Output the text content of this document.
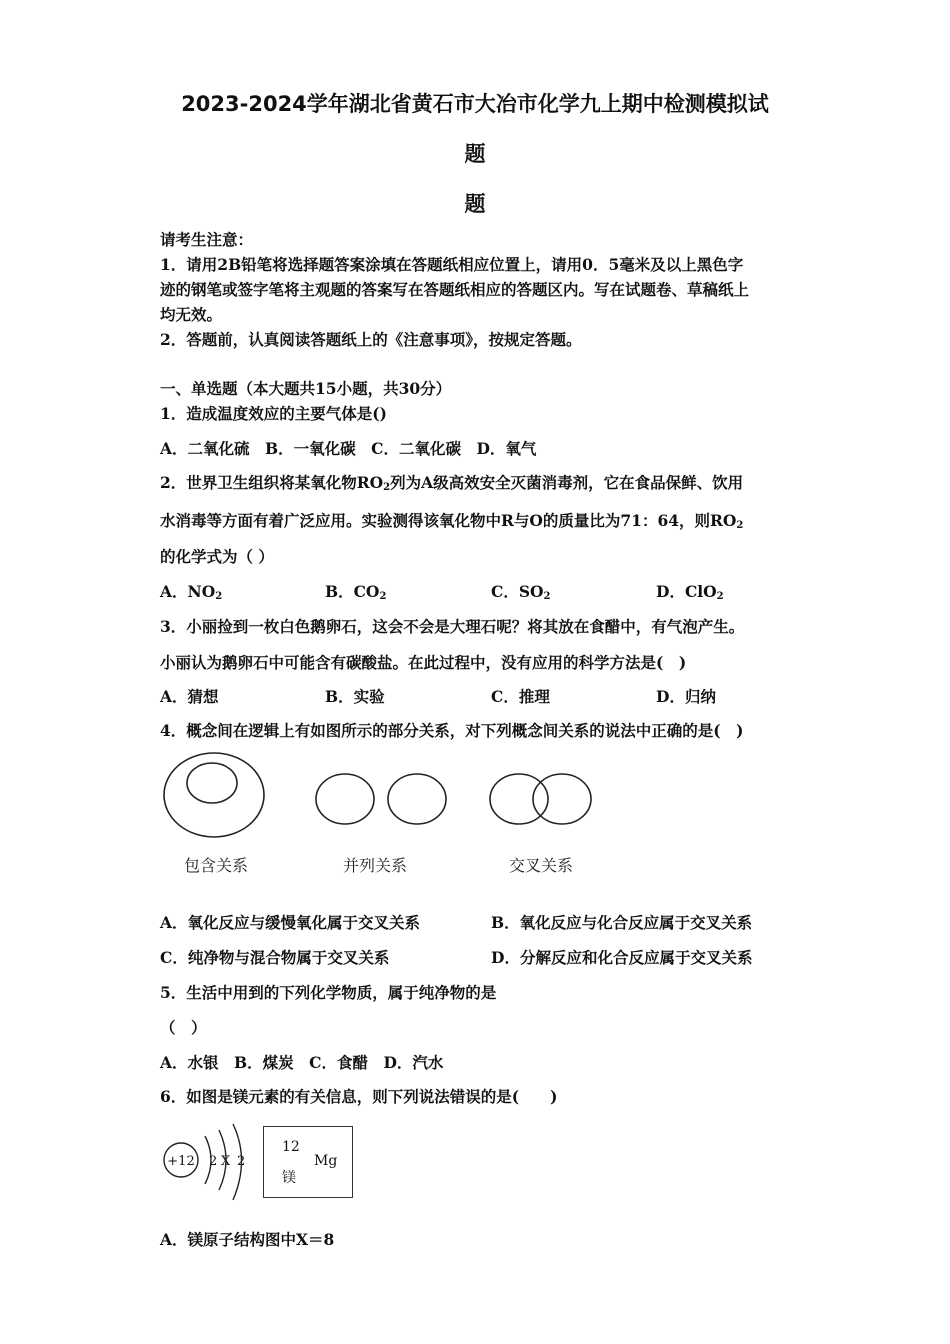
2023-2024学年湖北省黄石市大冶市化学九上期中检测模拟试
题
题
请考生注意：
1．请用2B铅笔将选择题答案涂填在答题纸相应位置上，请用0．5毫米及以上黑色字
迹的钢笔或签字笔将主观题的答案写在答题纸相应的答题区内。写在试题卷、草稿纸上
均无效。
2．答题前，认真阅读答题纸上的《注意事项》，按规定答题。
一、单选题（本大题共15小题，共30分）
1．造成温度效应的主要气体是()
A．二氧化硫　B．一氧化碳　C．二氧化碳　D．氧气
2．世界卫生组织将某氧化物$RO_2$列为A级高效安全灭菌消毒剂，它在食品保鲜、饮用
水消毒等方面有着广泛应用。实验测得该氧化物中R与O的质量比为71：64，则$RO_2$
的化学式为（ ）
A．$NO_2$	B．$CO_2$	C．$SO_2$	D．ClO$_2$
3．小丽捡到一枚白色鹅卵石，这会不会是大理石呢？将其放在食醋中，有气泡产生。
小丽认为鹅卵石中可能含有碳酸盐。在此过程中，没有应用的科学方法是(　)
A．猜想	B．实验	C．推理	D．归纳
4．概念间在逻辑上有如图所示的部分关系，对下列概念间关系的说法中正确的是(　)
包含关系	并列关系	交叉关系
A．氧化反应与缓慢氧化属于交叉关系	B．氧化反应与化合反应属于交叉关系
C．纯净物与混合物属于交叉关系	D．分解反应和化合反应属于交叉关系
5．生活中用到的下列化学物质，属于纯净物的是
（　）
A．水银　B．煤炭　C．食醋　D．汽水
6．如图是镁元素的有关信息，则下列说法错误的是(　　)
+12 2 X 2
12
Mg
镁
A．镁原子结构图中X＝8
